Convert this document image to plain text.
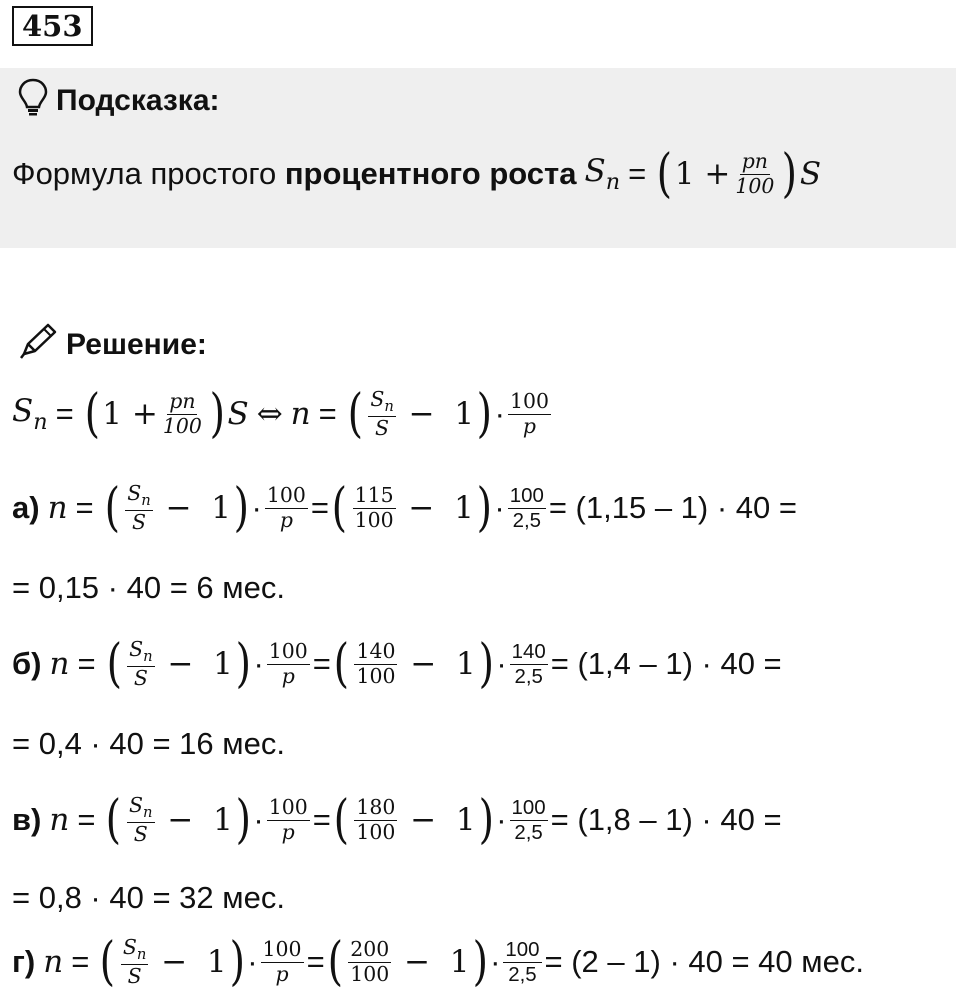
453
Подсказка:
Формула простого процентного роста $S_n$ = ( $1 + \frac{pn}{100}$ ) S
Решение:
$S_n$ = ( $1 + \frac{pn}{100}$ ) S ⇔ n = ( $\frac{S_n}{S} - 1$ ) · $\frac{100}{p}$
а) n = ( $\frac{S_n}{S} - 1$ ) · $\frac{100}{p}$ = ( $\frac{115}{100} - 1$ ) · $\frac{100}{2,5} = (1,15 - 1) \cdot 40$ =
= 0,15 · 40 = 6 мес.
б) n = ( $\frac{S_n}{S} - 1$ ) · $\frac{100}{p}$ = ( $\frac{140}{100} - 1$ ) · $\frac{140}{2,5} = (1,4 - 1) \cdot 40$ =
= 0,4 · 40 = 16 мес.
в) n = ( $\frac{S_n}{S} - 1$ ) · $\frac{100}{p}$ = ( $\frac{180}{100} - 1$ ) · $\frac{100}{2,5} = (1,8 - 1) \cdot 40$ =
= 0,8 · 40 = 32 мес.
г) n = ( $\frac{S_n}{S} - 1$ ) · $\frac{100}{p}$ = ( $\frac{200}{100} - 1$ ) · $\frac{100}{2,5} = (2 - 1) \cdot 40 = 40$ мес.
